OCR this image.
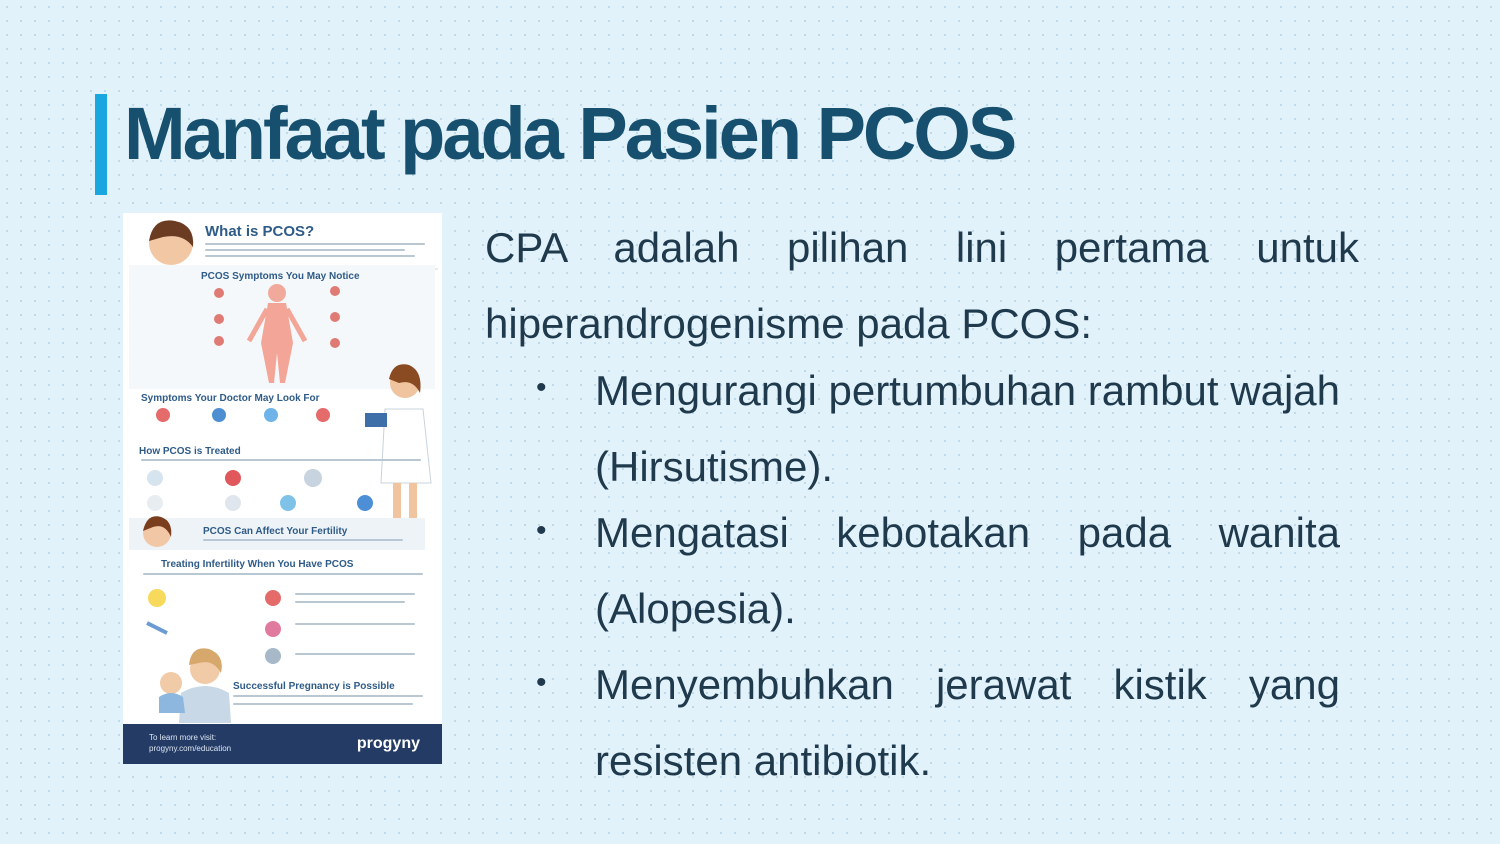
Manfaat pada Pasien PCOS
What is PCOS?
PCOS Symptoms You May Notice
Symptoms Your Doctor May Look For
How PCOS is Treated
PCOS Can Affect Your Fertility
Treating Infertility When You Have PCOS
Successful Pregnancy is Possible
To learn more visit:
progyny.com/education	progyny

CPA adalah pilihan lini pertama untuk hiperandrogenisme pada PCOS:

• Mengurangi pertumbuhan rambut wajah (Hirsutisme).

• Mengatasi kebotakan pada wanita (Alopesia).

• Menyembuhkan jerawat kistik yang resisten antibiotik.
